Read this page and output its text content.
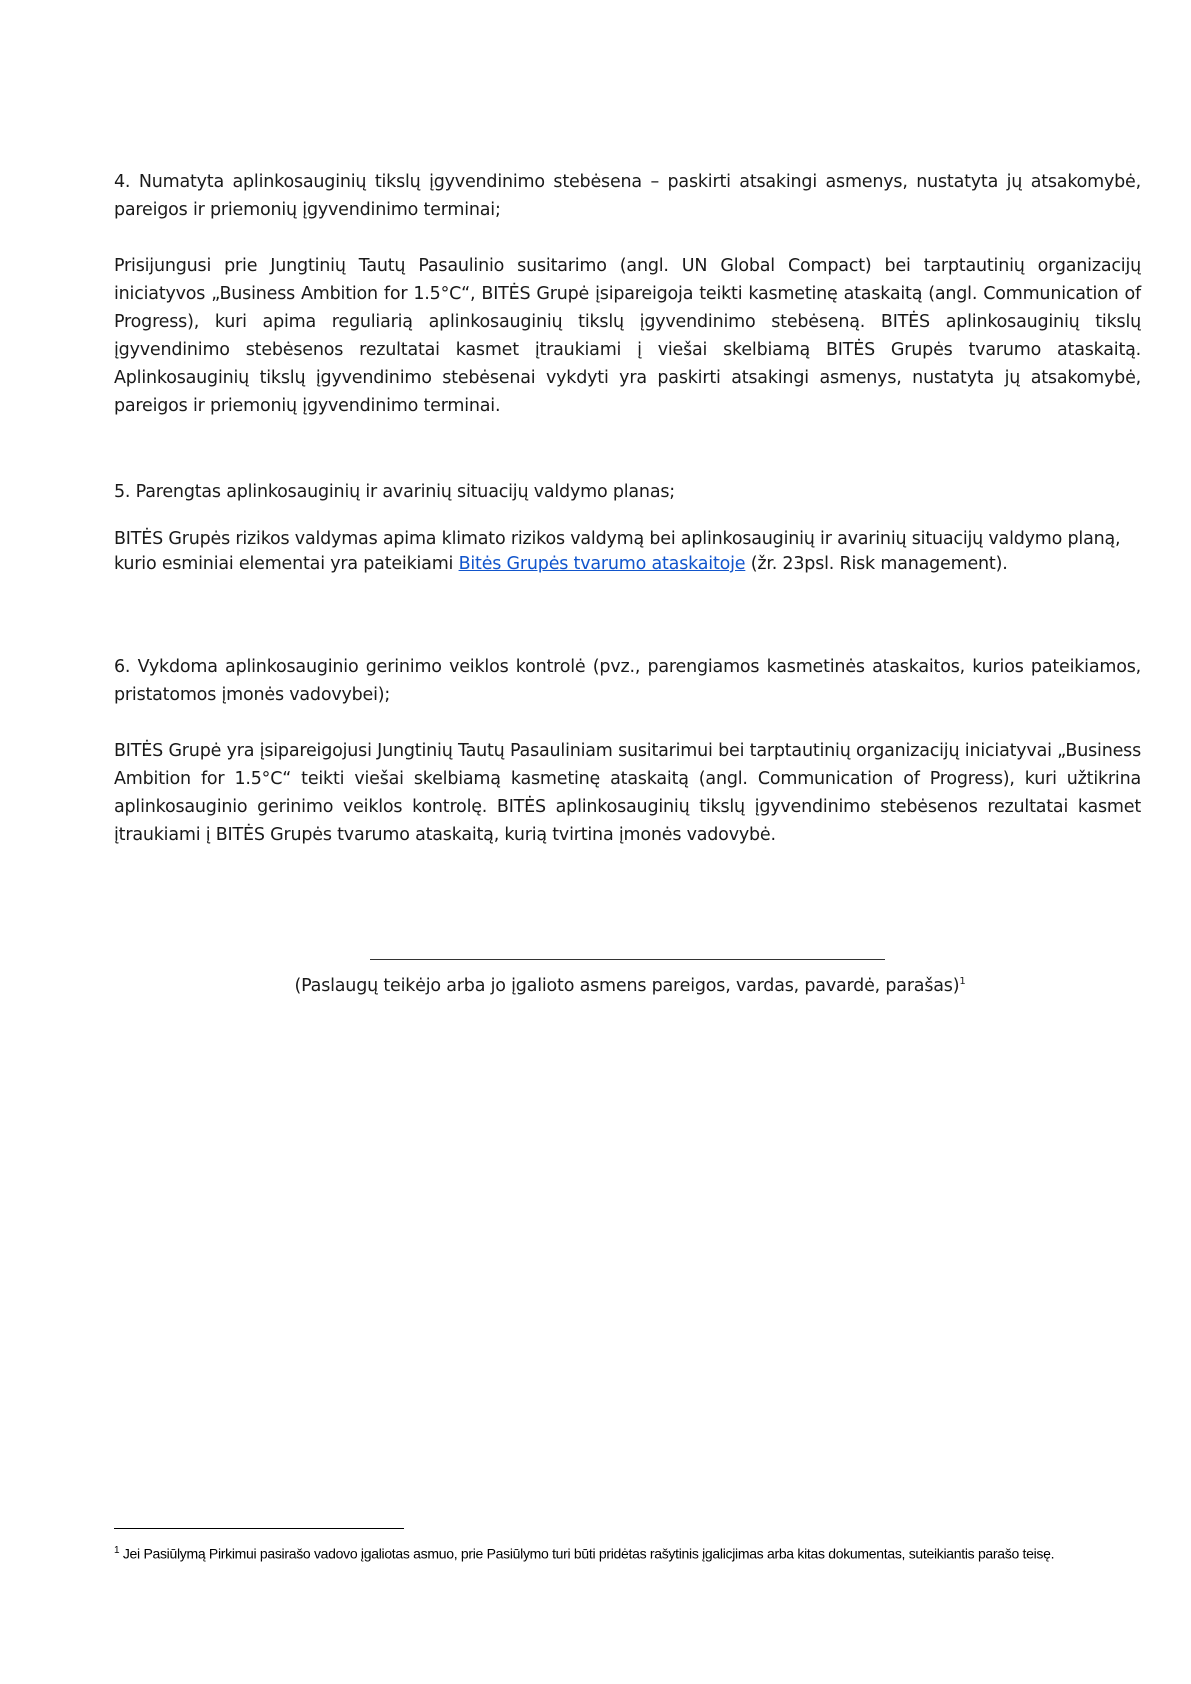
4. Numatyta aplinkosauginių tikslų įgyvendinimo stebėsena – paskirti atsakingi asmenys, nustatyta jų atsakomybė, pareigos ir priemonių įgyvendinimo terminai;

Prisijungusi prie Jungtinių Tautų Pasaulinio susitarimo (angl. UN Global Compact) bei tarptautinių organizacijų iniciatyvos „Business Ambition for 1.5°C“, BITĖS Grupė įsipareigoja teikti kasmetinę ataskaitą (angl. Communication of Progress), kuri apima reguliarią aplinkosauginių tikslų įgyvendinimo stebėseną. BITĖS aplinkosauginių tikslų įgyvendinimo stebėsenos rezultatai kasmet įtraukiami į viešai skelbiamą BITĖS Grupės tvarumo ataskaitą. Aplinkosauginių tikslų įgyvendinimo stebėsenai vykdyti yra paskirti atsakingi asmenys, nustatyta jų atsakomybė, pareigos ir priemonių įgyvendinimo terminai.

5. Parengtas aplinkosauginių ir avarinių situacijų valdymo planas;

BITĖS Grupės rizikos valdymas apima klimato rizikos valdymą bei aplinkosauginių ir avarinių situacijų valdymo planą, kurio esminiai elementai yra pateikiami Bitės Grupės tvarumo ataskaitoje (žr. 23psl. Risk management).

6. Vykdoma aplinkosauginio gerinimo veiklos kontrolė (pvz., parengiamos kasmetinės ataskaitos, kurios pateikiamos, pristatomos įmonės vadovybei);

BITĖS Grupė yra įsipareigojusi Jungtinių Tautų Pasauliniam susitarimui bei tarptautinių organizacijų iniciatyvai „Business Ambition for 1.5°C“ teikti viešai skelbiamą kasmetinę ataskaitą (angl. Communication of Progress), kuri užtikrina aplinkosauginio gerinimo veiklos kontrolę. BITĖS aplinkosauginių tikslų įgyvendinimo stebėsenos rezultatai kasmet įtraukiami į BITĖS Grupės tvarumo ataskaitą, kurią tvirtina įmonės vadovybė.

(Paslaugų teikėjo arba jo įgalioto asmens pareigos, vardas, pavardė, parašas)$^1$

$^1$ Jei Pasiūlymą Pirkimui pasirašo vadovo įgaliotas asmuo, prie Pasiūlymo turi būti pridėtas rašytinis įgalicjimas arba kitas dokumentas, suteikiantis parašo teisę.
